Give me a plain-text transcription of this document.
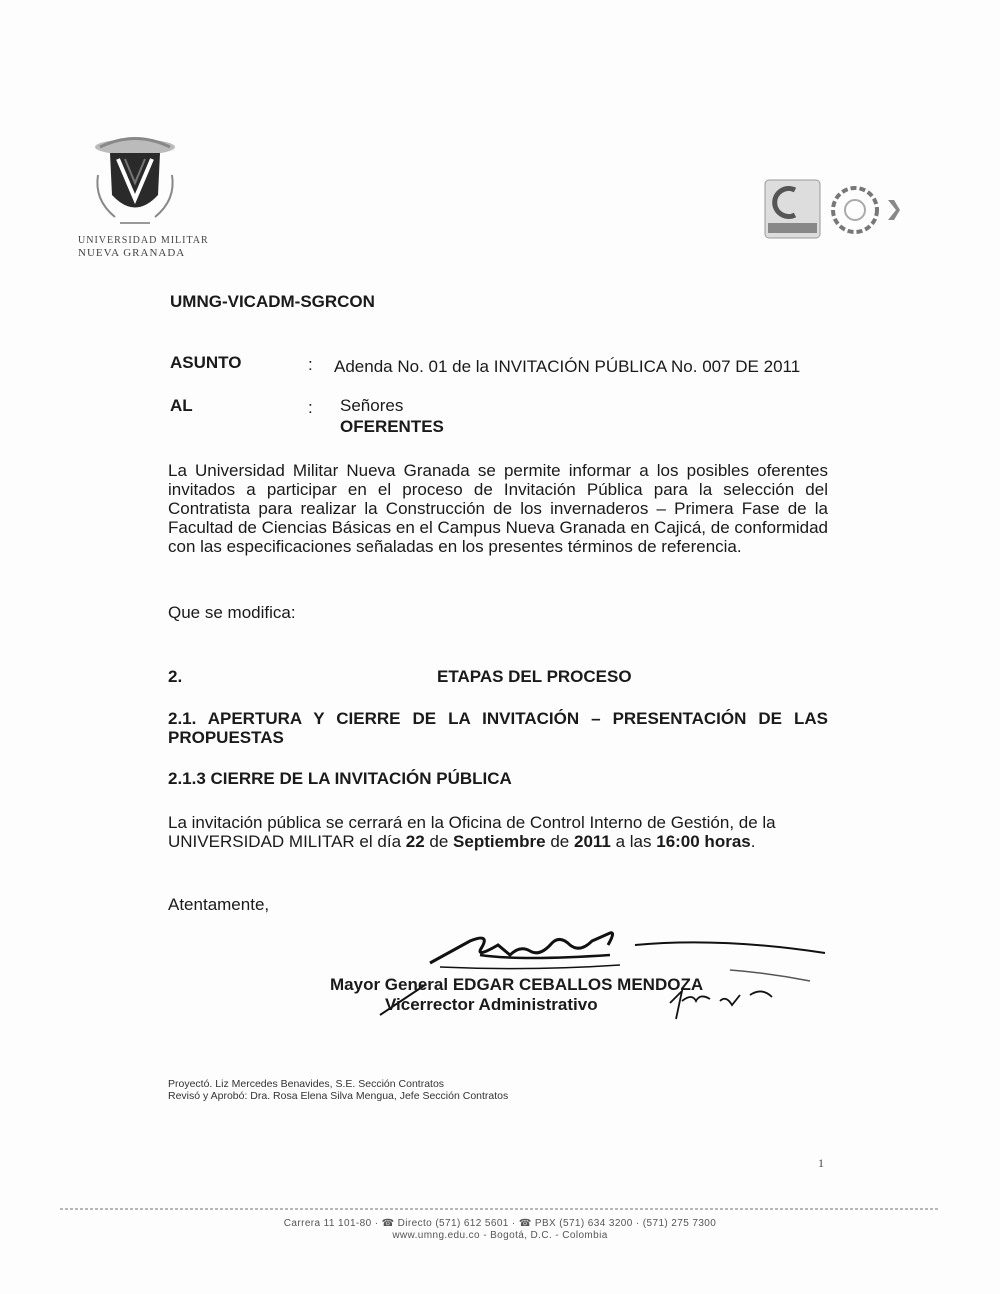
UNIVERSIDAD MILITAR
NUEVA GRANADA
UMNG-VICADM-SGRCON
ASUNTO	: Adenda No. 01 de la INVITACIÓN PÚBLICA No. 007 DE 2011
AL	: Señores
OFERENTES
La Universidad Militar Nueva Granada se permite informar a los posibles oferentes invitados a participar en el proceso de Invitación Pública para la selección del Contratista para realizar la Construcción de los invernaderos – Primera Fase de la Facultad de Ciencias Básicas en el Campus Nueva Granada en Cajicá, de conformidad con las especificaciones señaladas en los presentes términos de referencia.
Que se modifica:
2.	ETAPAS DEL PROCESO
2.1. APERTURA Y CIERRE DE LA INVITACIÓN – PRESENTACIÓN DE LAS PROPUESTAS
2.1.3 CIERRE DE LA INVITACIÓN PÚBLICA
La invitación pública se cerrará en la Oficina de Control Interno de Gestión, de la UNIVERSIDAD MILITAR el día 22 de Septiembre de 2011 a las 16:00 horas.
Atentamente,
Mayor General EDGAR CEBALLOS MENDOZA
Vicerrector Administrativo
Proyectó. Liz Mercedes Benavides, S.E. Sección Contratos
Revisó y Aprobó: Dra. Rosa Elena Silva Mengua, Jefe Sección Contratos
1
Carrera 11 101-80 · ☎ Directo (571) 612 5601 · ☎ PBX (571) 634 3200 · (571) 275 7300
www.umng.edu.co - Bogotá, D.C. - Colombia
